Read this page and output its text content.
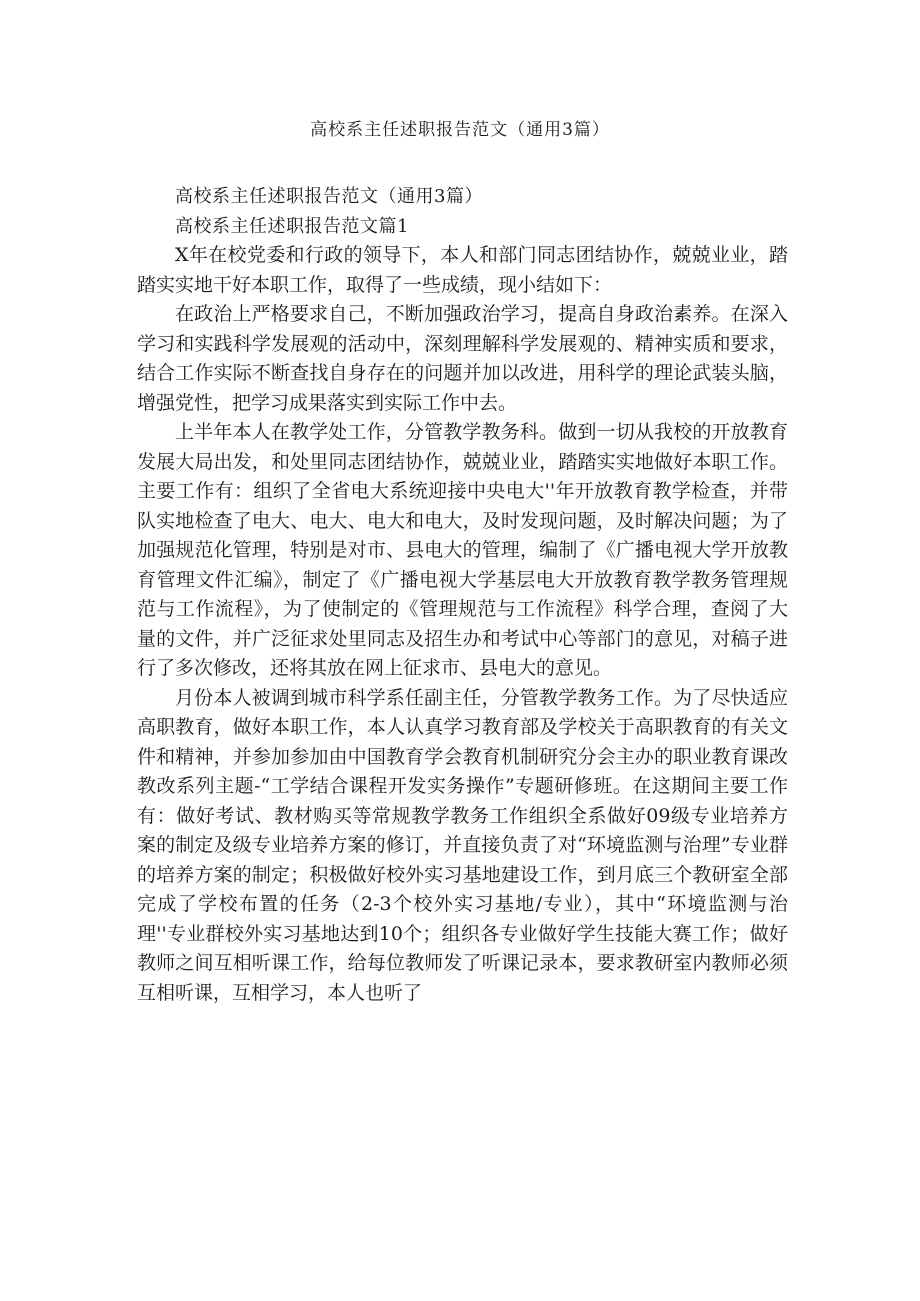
高校系主任述职报告范文（通用3篇）

高校系主任述职报告范文（通用3篇）

高校系主任述职报告范文篇1

X年在校党委和行政的领导下，本人和部门同志团结协作，兢兢业业，踏踏实实地干好本职工作，取得了一些成绩，现小结如下：

在政治上严格要求自己，不断加强政治学习，提高自身政治素养。在深入学习和实践科学发展观的活动中，深刻理解科学发展观的、精神实质和要求，结合工作实际不断查找自身存在的问题并加以改进，用科学的理论武装头脑，增强党性，把学习成果落实到实际工作中去。

上半年本人在教学处工作，分管教学教务科。做到一切从我校的开放教育发展大局出发，和处里同志团结协作，兢兢业业，踏踏实实地做好本职工作。主要工作有：组织了全省电大系统迎接中央电大''年开放教育教学检查，并带队实地检查了电大、电大、电大和电大，及时发现问题，及时解决问题；为了加强规范化管理，特别是对市、县电大的管理，编制了《广播电视大学开放教育管理文件汇编》，制定了《广播电视大学基层电大开放教育教学教务管理规范与工作流程》，为了使制定的《管理规范与工作流程》科学合理，查阅了大量的文件，并广泛征求处里同志及招生办和考试中心等部门的意见，对稿子进行了多次修改，还将其放在网上征求市、县电大的意见。

月份本人被调到城市科学系任副主任，分管教学教务工作。为了尽快适应高职教育，做好本职工作，本人认真学习教育部及学校关于高职教育的有关文件和精神，并参加参加由中国教育学会教育机制研究分会主办的职业教育课改教改系列主题-“工学结合课程开发实务操作”专题研修班。在这期间主要工作有：做好考试、教材购买等常规教学教务工作组织全系做好09级专业培养方案的制定及级专业培养方案的修订，并直接负责了对“环境监测与治理”专业群的培养方案的制定；积极做好校外实习基地建设工作，到月底三个教研室全部完成了学校布置的任务（2-3个校外实习基地/专业），其中“环境监测与治理''专业群校外实习基地达到10个；组织各专业做好学生技能大赛工作；做好教师之间互相听课工作，给每位教师发了听课记录本，要求教研室内教师必须互相听课，互相学习，本人也听了
